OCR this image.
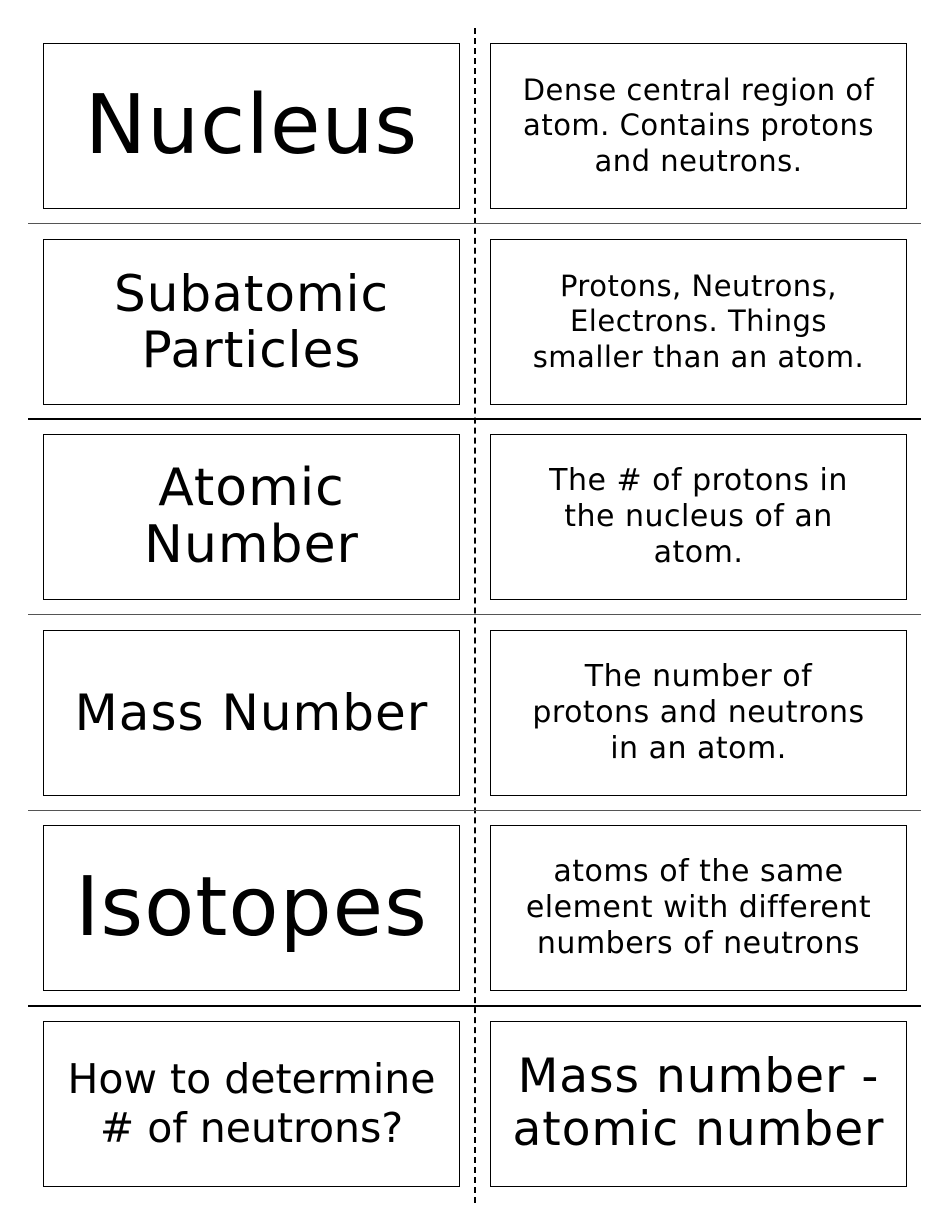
Nucleus	Dense central region of
atom. Contains protons
and neutrons.
Subatomic
Particles
Protons, Neutrons,
Electrons. Things
smaller than an atom.
Atomic
Number
The # of protons in
the nucleus of an
atom.
Mass Number
The number of
protons and neutrons
in an atom.
Isotopes	atoms of the same
element with different
numbers of neutrons
How to determine
# of neutrons?
Mass number -
atomic number
